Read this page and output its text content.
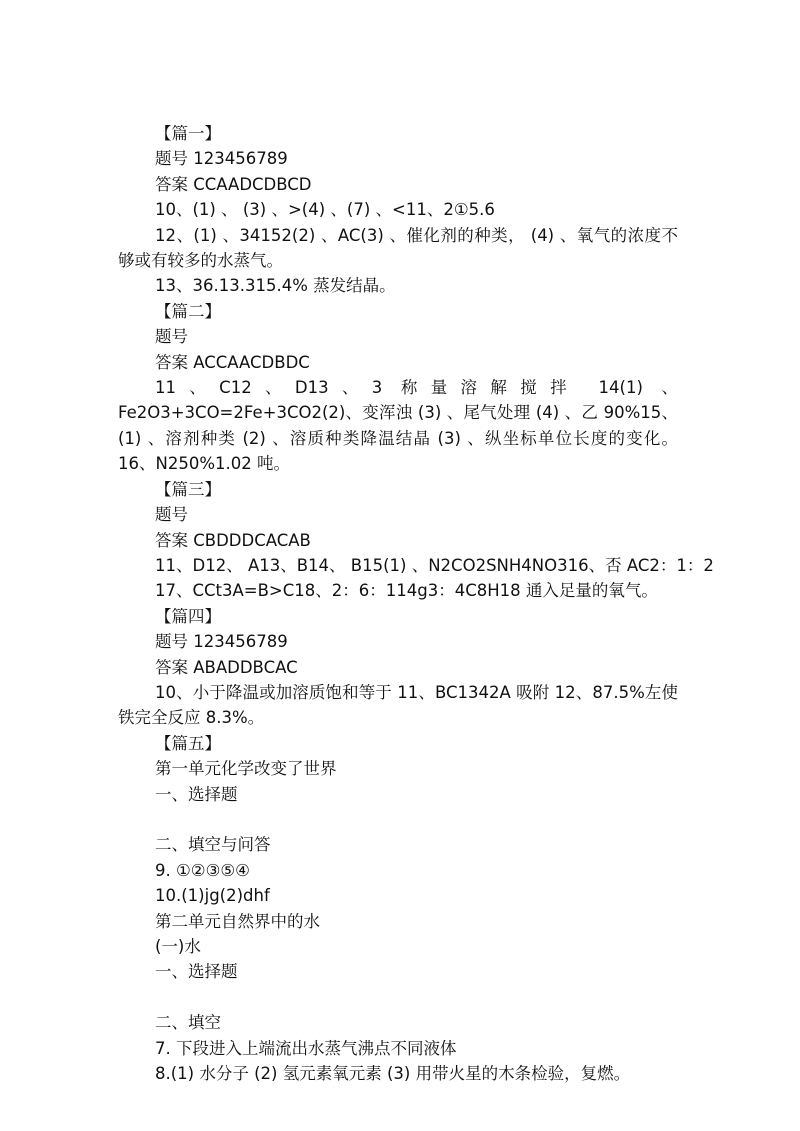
【篇一】
题号 123456789
答案 CCAADCDBCD
10、(1) 、 (3) 、>(4) 、(7) 、<11、2①5.6
12、(1) 、34152(2) 、AC(3) 、催化剂的种类， (4) 、氧气的浓度不够或有较多的水蒸气。
13、36.13.315.4% 蒸发结晶。
【篇二】
题号
答案 ACCAACDBDC
11、C12、D13、3 称量溶解搅拌 14(1) 、Fe2O3+3CO=2Fe+3CO2(2)、变浑浊 (3) 、尾气处理 (4) 、乙 90%15、(1) 、溶剂种类 (2) 、溶质种类降温结晶 (3) 、纵坐标单位长度的变化。 16、N250%1.02 吨。
【篇三】
题号
答案 CBDDDCACAB
11、D12、 A13、B14、 B15(1) 、N2CO2SNH4NO316、否 AC2：1：2
17、CCt3A=B>C18、2：6：114g3：4C8H18 通入足量的氧气。
【篇四】
题号 123456789
答案 ABADDBCAC
10、小于降温或加溶质饱和等于 11、BC1342A 吸附 12、87.5%左使铁完全反应 8.3%。
【篇五】
第一单元化学改变了世界
一、选择题
二、填空与问答
9. ①②③⑤④
10.(1)jg(2)dhf
第二单元自然界中的水
(一)水
一、选择题
二、填空
7. 下段进入上端流出水蒸气沸点不同液体
8.(1) 水分子 (2) 氢元素氧元素 (3) 用带火星的木条检验，复燃。
